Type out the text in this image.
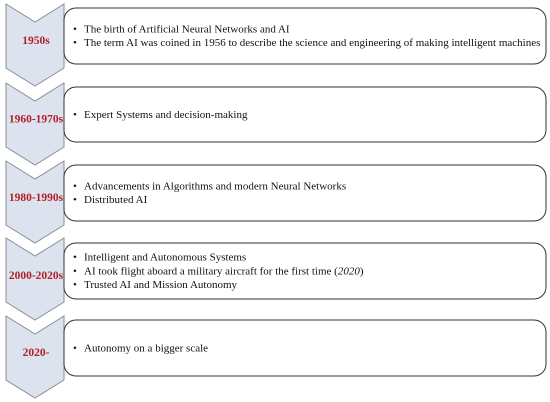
1950s
• The birth of Artificial Neural Networks and AI
• The term AI was coined in 1956 to describe the science and engineering of making intelligent machines
1960-1970s • Expert Systems and decision-making
1980-1990s
• Advancements in Algorithms and modern Neural Networks
• Distributed AI
2000-2020s
• Intelligent and Autonomous Systems
• AI took flight aboard a military aircraft for the first time (2020)
• Trusted AI and Mission Autonomy
2020- • Autonomy on a bigger scale
